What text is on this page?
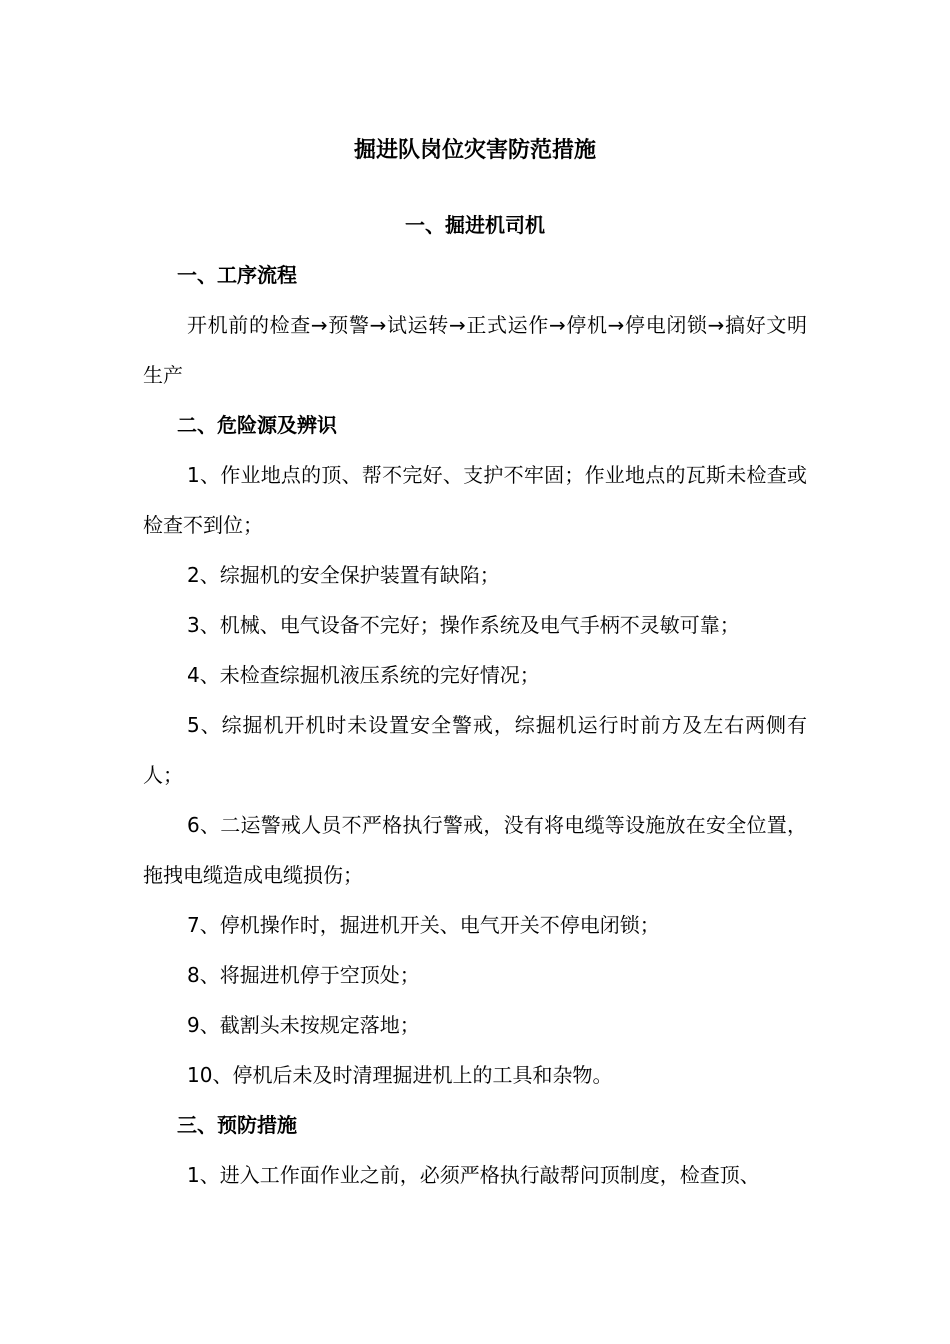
掘进队岗位灾害防范措施
一、掘进机司机
一、工序流程

开机前的检查→预警→试运转→正式运作→停机→停电闭锁→搞好文明生产

二、危险源及辨识

1、作业地点的顶、帮不完好、支护不牢固；作业地点的瓦斯未检查或检查不到位；

2、综掘机的安全保护装置有缺陷；

3、机械、电气设备不完好；操作系统及电气手柄不灵敏可靠；

4、未检查综掘机液压系统的完好情况；

5、综掘机开机时未设置安全警戒，综掘机运行时前方及左右两侧有人；

6、二运警戒人员不严格执行警戒，没有将电缆等设施放在安全位置，拖拽电缆造成电缆损伤；

7、停机操作时，掘进机开关、电气开关不停电闭锁；

8、将掘进机停于空顶处；

9、截割头未按规定落地；

10、停机后未及时清理掘进机上的工具和杂物。

三、预防措施

1、进入工作面作业之前，必须严格执行敲帮问顶制度，检查顶、
